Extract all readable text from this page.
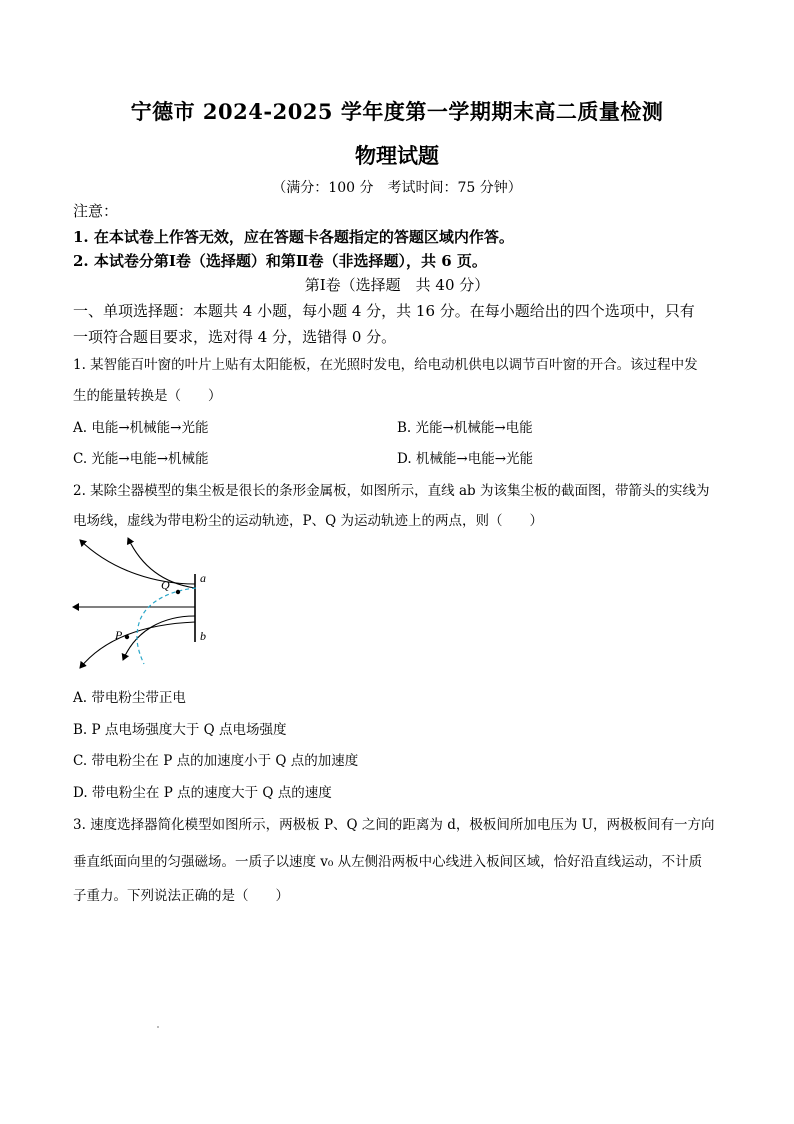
宁德市 2024-2025 学年度第一学期期末高二质量检测
物理试题
（满分：100 分　考试时间：75 分钟）
注意：
1. 在本试卷上作答无效，应在答题卡各题指定的答题区域内作答。
2. 本试卷分第Ⅰ卷（选择题）和第Ⅱ卷（非选择题），共 6 页。
第Ⅰ卷（选择题　共 40 分）
一、单项选择题：本题共 4 小题，每小题 4 分，共 16 分。在每小题给出的四个选项中，只有
一项符合题目要求，选对得 4 分，选错得 0 分。
1. 某智能百叶窗的叶片上贴有太阳能板，在光照时发电，给电动机供电以调节百叶窗的开合。该过程中发
生的能量转换是（　　）
A. 电能→机械能→光能	B. 光能→机械能→电能
C. 光能→电能→机械能	D. 机械能→电能→光能
2. 某除尘器模型的集尘板是很长的条形金属板，如图所示，直线 ab 为该集尘板的截面图，带箭头的实线为
电场线，虚线为带电粉尘的运动轨迹，P、Q 为运动轨迹上的两点，则（　　）
Q
P
a
b
A. 带电粉尘带正电
B. P 点电场强度大于 Q 点电场强度
C. 带电粉尘在 P 点的加速度小于 Q 点的加速度
D. 带电粉尘在 P 点的速度大于 Q 点的速度
3. 速度选择器简化模型如图所示，两极板 P、Q 之间的距离为 d，极板间所加电压为 U，两极板间有一方向
垂直纸面向里的匀强磁场。一质子以速度 v₀ 从左侧沿两板中心线进入板间区域，恰好沿直线运动，不计质
子重力。下列说法正确的是（　　）
